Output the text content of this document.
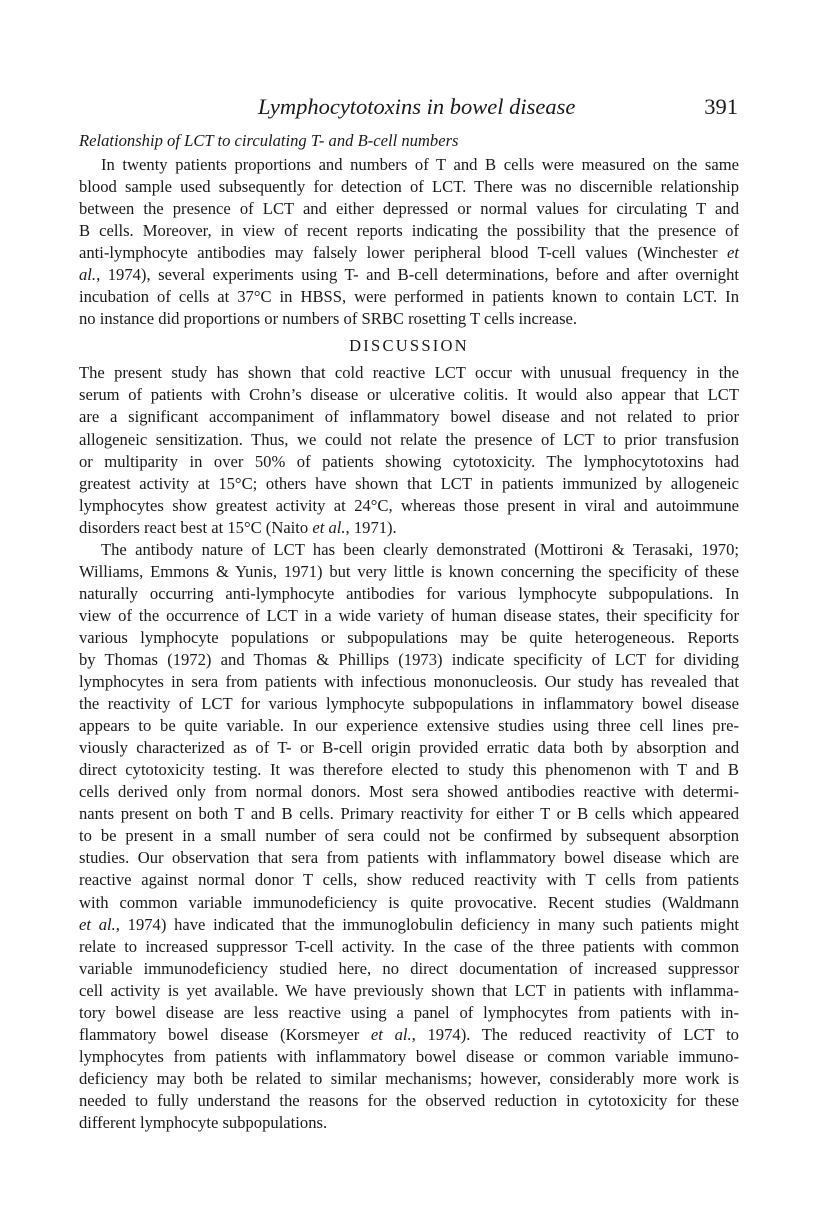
Lymphocytotoxins in bowel disease	391
Relationship of LCT to circulating T- and B-cell numbers

In twenty patients proportions and numbers of T and B cells were measured on the same
blood sample used subsequently for detection of LCT. There was no discernible relationship
between the presence of LCT and either depressed or normal values for circulating T and
B cells. Moreover, in view of recent reports indicating the possibility that the presence of
anti-lymphocyte antibodies may falsely lower peripheral blood T-cell values (Winchester et
al., 1974), several experiments using T- and B-cell determinations, before and after overnight
incubation of cells at 37°C in HBSS, were performed in patients known to contain LCT. In
no instance did proportions or numbers of SRBC rosetting T cells increase.

DISCUSSION

The present study has shown that cold reactive LCT occur with unusual frequency in the
serum of patients with Crohn’s disease or ulcerative colitis. It would also appear that LCT
are a significant accompaniment of inflammatory bowel disease and not related to prior
allogeneic sensitization. Thus, we could not relate the presence of LCT to prior transfusion
or multiparity in over 50% of patients showing cytotoxicity. The lymphocytotoxins had
greatest activity at 15°C; others have shown that LCT in patients immunized by allogeneic
lymphocytes show greatest activity at 24°C, whereas those present in viral and autoimmune
disorders react best at 15°C (Naito et al., 1971).

The antibody nature of LCT has been clearly demonstrated (Mottironi & Terasaki, 1970;
Williams, Emmons & Yunis, 1971) but very little is known concerning the specificity of these
naturally occurring anti-lymphocyte antibodies for various lymphocyte subpopulations. In
view of the occurrence of LCT in a wide variety of human disease states, their specificity for
various lymphocyte populations or subpopulations may be quite heterogeneous. Reports
by Thomas (1972) and Thomas & Phillips (1973) indicate specificity of LCT for dividing
lymphocytes in sera from patients with infectious mononucleosis. Our study has revealed that
the reactivity of LCT for various lymphocyte subpopulations in inflammatory bowel disease
appears to be quite variable. In our experience extensive studies using three cell lines pre-
viously characterized as of T- or B-cell origin provided erratic data both by absorption and
direct cytotoxicity testing. It was therefore elected to study this phenomenon with T and B
cells derived only from normal donors. Most sera showed antibodies reactive with determi-
nants present on both T and B cells. Primary reactivity for either T or B cells which appeared
to be present in a small number of sera could not be confirmed by subsequent absorption
studies. Our observation that sera from patients with inflammatory bowel disease which are
reactive against normal donor T cells, show reduced reactivity with T cells from patients
with common variable immunodeficiency is quite provocative. Recent studies (Waldmann
et al., 1974) have indicated that the immunoglobulin deficiency in many such patients might
relate to increased suppressor T-cell activity. In the case of the three patients with common
variable immunodeficiency studied here, no direct documentation of increased suppressor
cell activity is yet available. We have previously shown that LCT in patients with inflamma-
tory bowel disease are less reactive using a panel of lymphocytes from patients with in-
flammatory bowel disease (Korsmeyer et al., 1974). The reduced reactivity of LCT to
lymphocytes from patients with inflammatory bowel disease or common variable immuno-
deficiency may both be related to similar mechanisms; however, considerably more work is
needed to fully understand the reasons for the observed reduction in cytotoxicity for these
different lymphocyte subpopulations.
